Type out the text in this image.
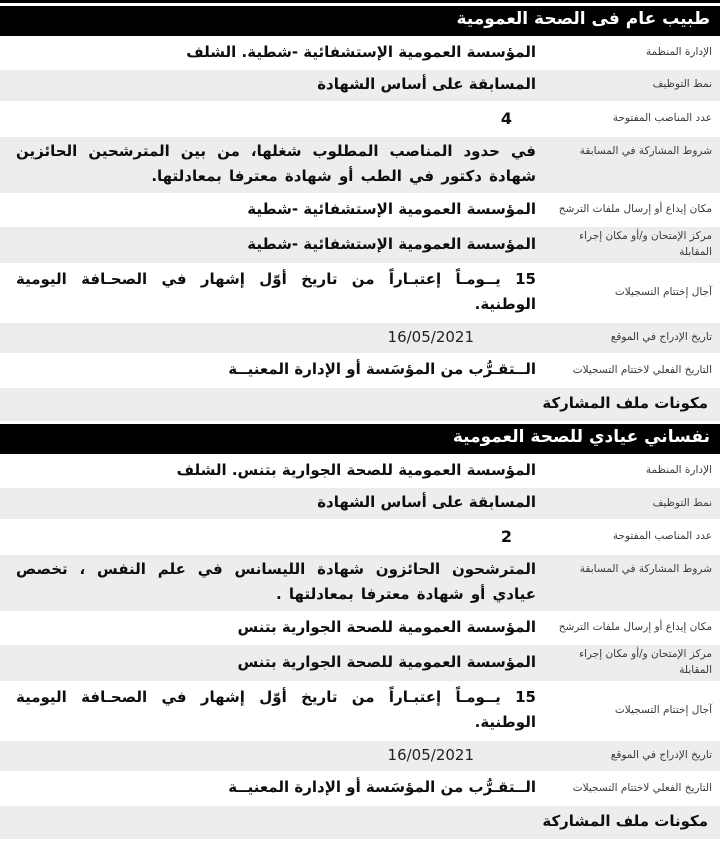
طبيب عام فى الصحة العمومية
الإدارة المنظمة
المؤسسة العمومية الإستشفائية -شطية. الشلف
نمط التوظيف
المسابقة على أساس الشهادة
عدد المناصب المفتوحة
4
شروط المشاركة في المسابقة
في حدود المناصب المطلوب شغلها، من بين المترشحين الحائزين شهادة دكتور في الطب أو شهادة معترفا بمعادلتها.
مكان إيداع أو إرسال ملفات الترشح
المؤسسة العمومية الإستشفائية -شطية
مركز الإمتحان و/أو مكان إجراء المقابلة
المؤسسة العمومية الإستشفائية -شطية
آجال إختتام التسجيلات
15 يــومـاً إعتبـاراً من تاريخ أوّل إشهار في الصحـافة اليومية الوطنية.
تاريخ الإدراج في الموقع
16/05/2021
التاريخ الفعلي لاختتام التسجيلات
الــتقـرُّب من المؤسَسة أو الإدارة المعنيــة
مكونات ملف المشاركة
نفساني عيادي للصحة العمومية
الإدارة المنظمة
المؤسسة العمومية للصحة الجوارية بتنس. الشلف
نمط التوظيف
المسابقة على أساس الشهادة
عدد المناصب المفتوحة
2
شروط المشاركة في المسابقة
المترشحون الحائزون شهادة الليسانس في علم النفس ، تخصص عيادي أو شهادة معترفا بمعادلتها .
مكان إيداع أو إرسال ملفات الترشح
المؤسسة العمومية للصحة الجوارية بتنس
مركز الإمتحان و/أو مكان إجراء المقابلة
المؤسسة العمومية للصحة الجوارية بتنس
آجال إختتام التسجيلات
15 يــومـاً إعتبـاراً من تاريخ أوّل إشهار في الصحـافة اليومية الوطنية.
تاريخ الإدراج في الموقع
16/05/2021
التاريخ الفعلي لاختتام التسجيلات
الــتقـرُّب من المؤسَسة أو الإدارة المعنيــة
مكونات ملف المشاركة
